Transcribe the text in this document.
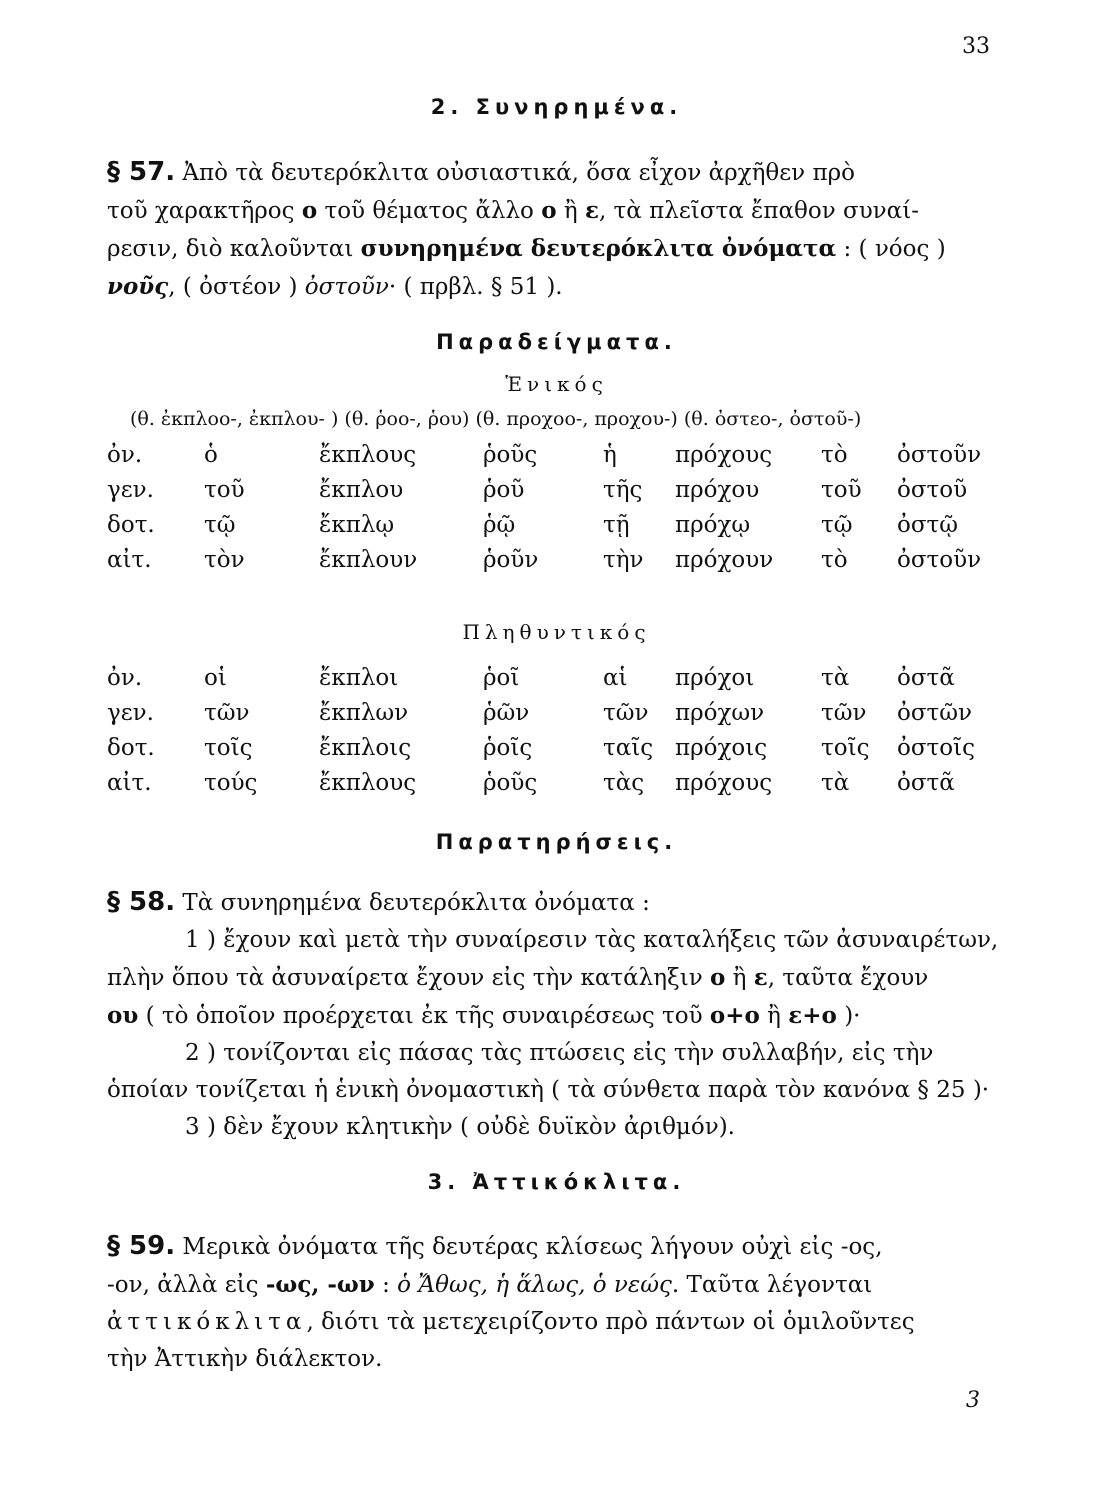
33
2. Συνηρημένα.
§ 57. Ἀπὸ τὰ δευτερόκλιτα οὐσιαστικά, ὅσα εἶχον ἀρχῆθεν πρὸ
τοῦ χαρακτῆρος ο τοῦ θέματος ἄλλο ο ἢ ε, τὰ πλεῖστα ἔπαθον συναί-
ρεσιν, διὸ καλοῦνται συνηρημένα δευτερόκλιτα ὀνόματα : ( νόος )
νοῦς, ( ὀστέον ) ὀστοῦν· ( πρβλ. § 51 ).
Παραδείγματα.
Ἑνικός
(θ. ἐκπλοο-, ἐκπλου- ) (θ. ῥοο-, ῥου) (θ. προχοο-, προχου-) (θ. ὀστεο-, ὀστοῦ-)
ὀν.	ὁ	ἔκπλους	ῥοῦς	ἡ	πρόχους	τὸ	ὀστοῦν
γεν.	τοῦ	ἔκπλου	ῥοῦ	τῆς	πρόχου	τοῦ	ὀστοῦ
δοτ.	τῷ	ἔκπλῳ	ῥῷ	τῇ	πρόχῳ	τῷ	ὀστῷ
αἰτ.	τὸν	ἔκπλουν	ῥοῦν	τὴν	πρόχουν	τὸ	ὀστοῦν
Πληθυντικός
ὀν.	οἱ	ἔκπλοι	ῥοῖ	αἱ	πρόχοι	τὰ	ὀστᾶ
γεν.	τῶν	ἔκπλων	ῥῶν	τῶν	πρόχων	τῶν	ὀστῶν
δοτ.	τοῖς	ἔκπλοις	ῥοῖς	ταῖς	πρόχοις	τοῖς	ὀστοῖς
αἰτ.	τούς	ἔκπλους	ῥοῦς	τὰς	πρόχους	τὰ	ὀστᾶ
Παρατηρήσεις.
§ 58. Τὰ συνηρημένα δευτερόκλιτα ὀνόματα :
1 ) ἔχουν καὶ μετὰ τὴν συναίρεσιν τὰς καταλήξεις τῶν ἀσυναιρέτων,
πλὴν ὅπου τὰ ἀσυναίρετα ἔχουν εἰς τὴν κατάληξιν ο ἢ ε, ταῦτα ἔχουν
ου ( τὸ ὁποῖον προέρχεται ἐκ τῆς συναιρέσεως τοῦ ο+ο ἢ ε+ο )·
2 ) τονίζονται εἰς πάσας τὰς πτώσεις εἰς τὴν συλλαβήν, εἰς τὴν
ὁποίαν τονίζεται ἡ ἑνικὴ ὀνομαστικὴ ( τὰ σύνθετα παρὰ τὸν κανόνα § 25 )·
3 ) δὲν ἔχουν κλητικὴν ( οὐδὲ δυϊκὸν ἀριθμόν).
3. Ἀττικόκλιτα.
§ 59. Μερικὰ ὀνόματα τῆς δευτέρας κλίσεως λήγουν οὐχὶ εἰς -ος,
-ον, ἀλλὰ εἰς -ως, -ων : ὁ Ἄθως, ἡ ἅλως, ὁ νεώς. Ταῦτα λέγονται
ἀττικόκλιτα, διότι τὰ μετεχειρίζοντο πρὸ πάντων οἱ ὁμιλοῦντες
τὴν Ἀττικὴν διάλεκτον.
3
